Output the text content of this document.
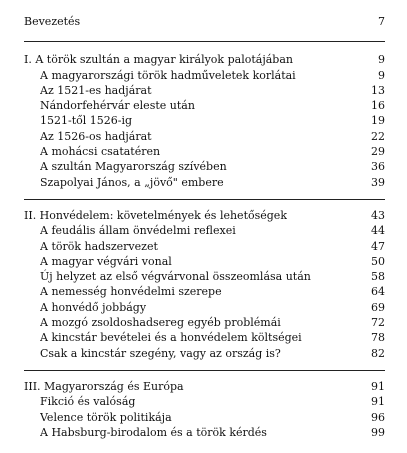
Bevezetés	7
I. A török szultán a magyar királyok palotájában	9
A magyarországi török hadműveletek korlátai	9
Az 1521-es hadjárat	13
Nándorfehérvár eleste után	16
1521-től 1526-ig	19
Az 1526-os hadjárat	22
A mohácsi csatatéren	29
A szultán Magyarország szívében	36
Szapolyai János, a „jövő" embere	39
II. Honvédelem: követelmények és lehetőségek	43
A feudális állam önvédelmi reflexei	44
A török hadszervezet	47
A magyar végvári vonal	50
Új helyzet az első végvárvonal összeomlása után	58
A nemesség honvédelmi szerepe	64
A honvédő jobbágy	69
A mozgó zsoldoshadsereg egyéb problémái	72
A kincstár bevételei és a honvédelem költségei	78
Csak a kincstár szegény, vagy az ország is?	82
III. Magyarország és Európa	91
Fikció és valóság	91
Velence török politikája	96
A Habsburg-birodalom és a török kérdés	99
